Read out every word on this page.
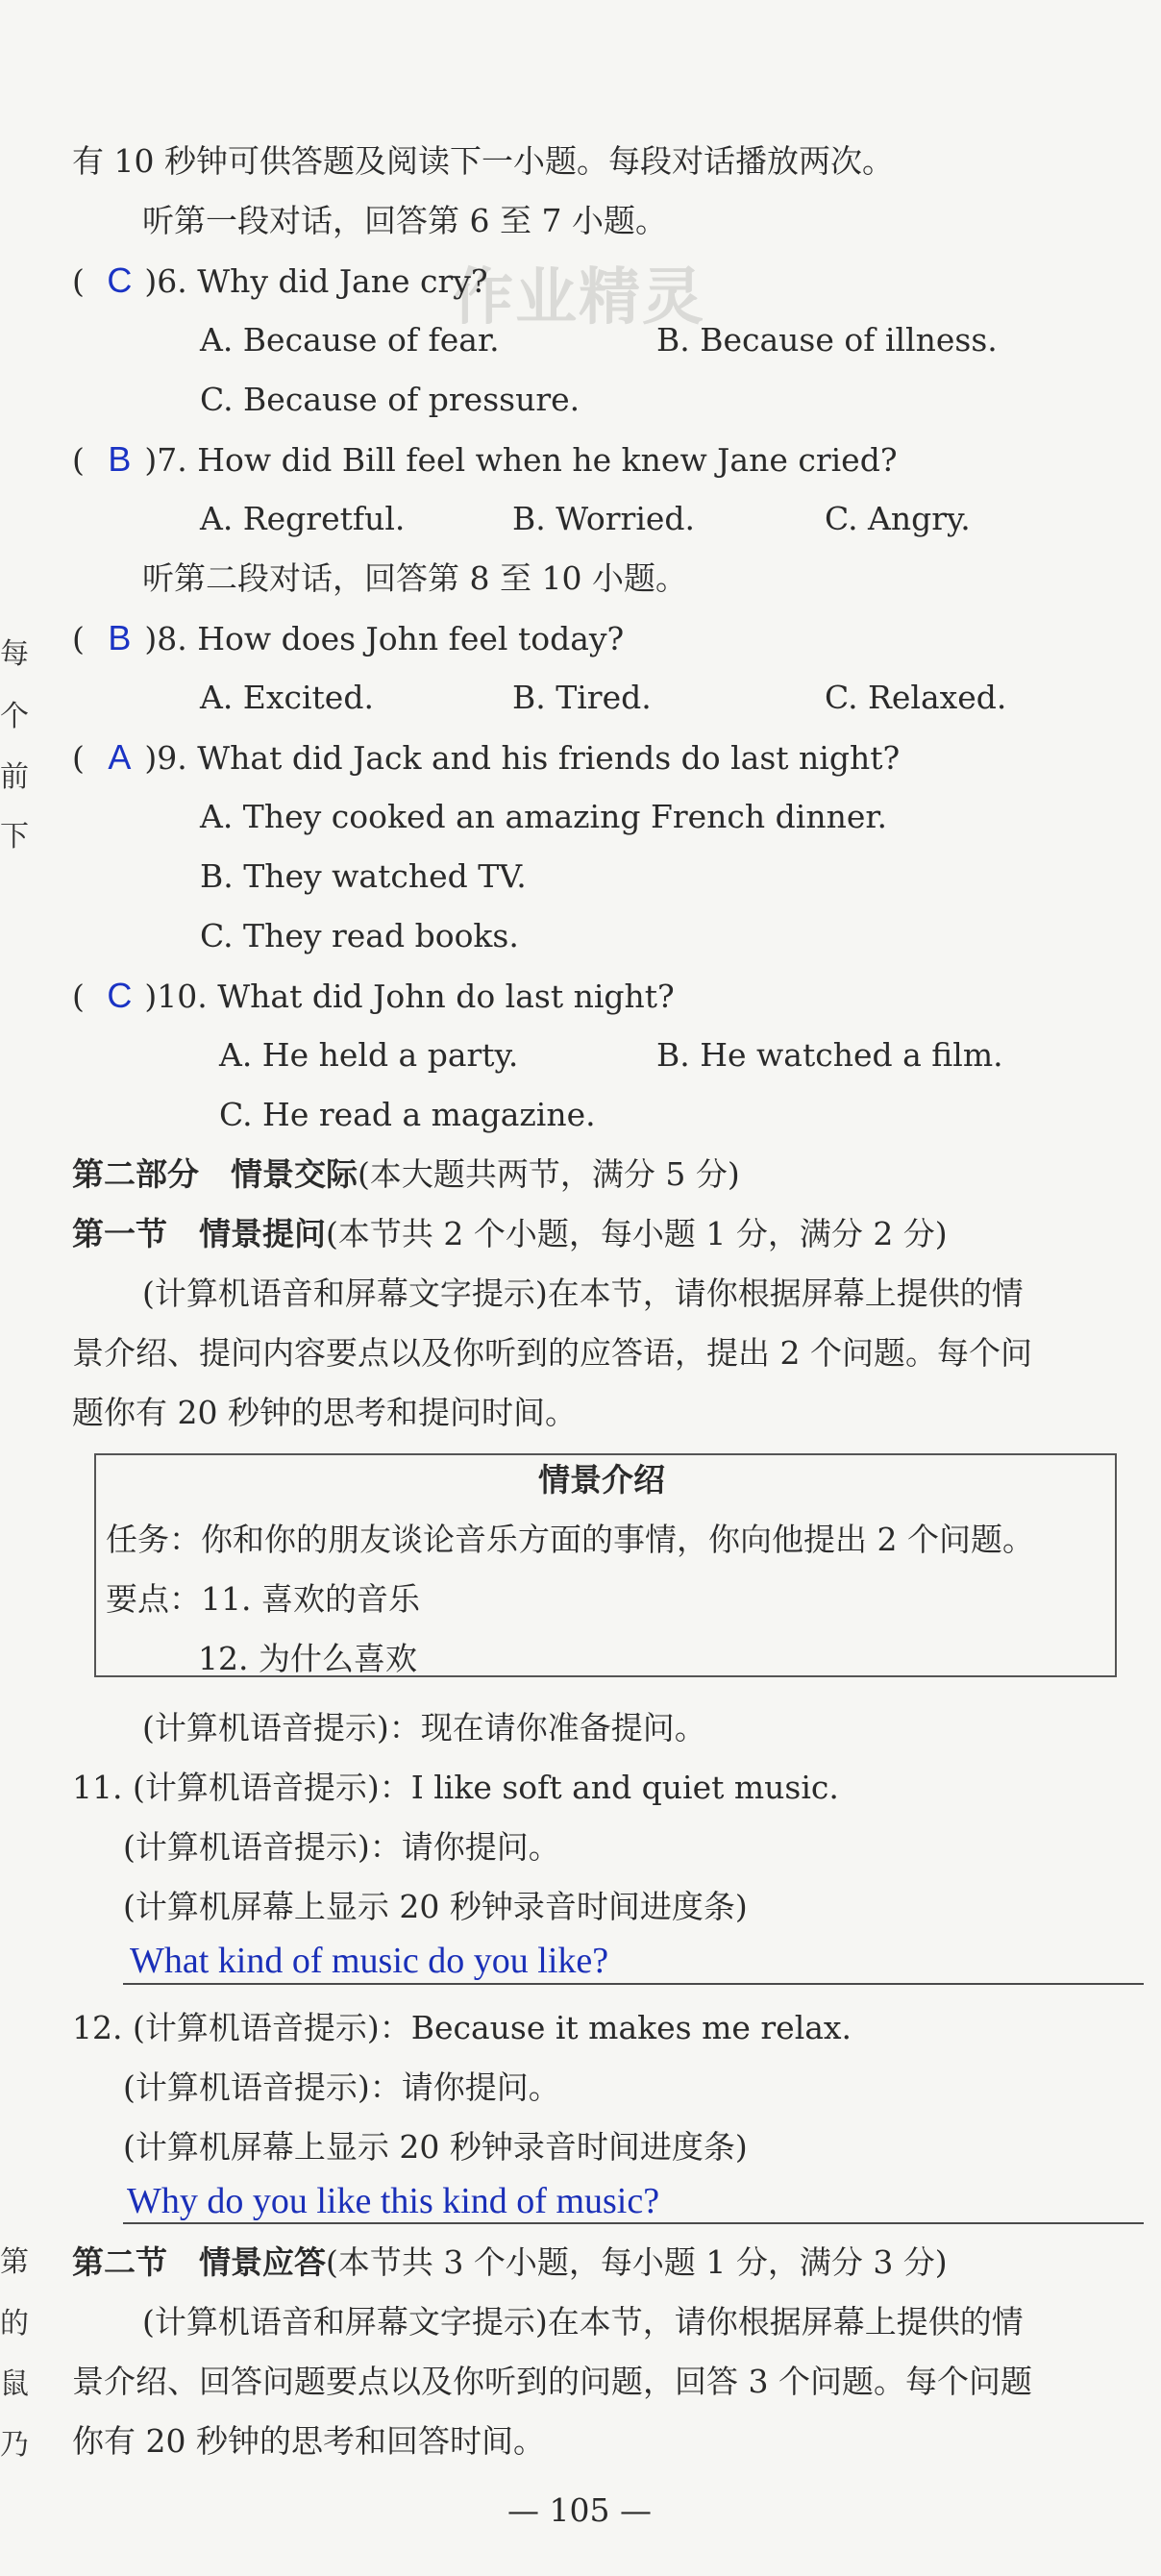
作业精灵
每
个
前
下
第
的
鼠
乃
有 10 秒钟可供答题及阅读下一小题。每段对话播放两次。
听第一段对话，回答第 6 至 7 小题。
( C )6. Why did Jane cry?
A. Because of fear.	B. Because of illness.
C. Because of pressure.
( B )7. How did Bill feel when he knew Jane cried?
A. Regretful.	B. Worried.	C. Angry.
听第二段对话，回答第 8 至 10 小题。
( B )8. How does John feel today?
A. Excited.	B. Tired.	C. Relaxed.
( A )9. What did Jack and his friends do last night?
A. They cooked an amazing French dinner.
B. They watched TV.
C. They read books.
( C )10. What did John do last night?
A. He held a party.	B. He watched a film.
C. He read a magazine.
第二部分　情景交际(本大题共两节，满分 5 分)
第一节　情景提问(本节共 2 个小题，每小题 1 分，满分 2 分)
(计算机语音和屏幕文字提示)在本节，请你根据屏幕上提供的情
景介绍、提问内容要点以及你听到的应答语，提出 2 个问题。每个问
题你有 20 秒钟的思考和提问时间。
情景介绍
任务：你和你的朋友谈论音乐方面的事情，你向他提出 2 个问题。
要点：11. 喜欢的音乐
12. 为什么喜欢
(计算机语音提示)：现在请你准备提问。
11. (计算机语音提示)：I like soft and quiet music.
(计算机语音提示)：请你提问。
(计算机屏幕上显示 20 秒钟录音时间进度条)
What kind of music do you like?
12. (计算机语音提示)：Because it makes me relax.
(计算机语音提示)：请你提问。
(计算机屏幕上显示 20 秒钟录音时间进度条)
Why do you like this kind of music?
第二节　情景应答(本节共 3 个小题，每小题 1 分，满分 3 分)
(计算机语音和屏幕文字提示)在本节，请你根据屏幕上提供的情
景介绍、回答问题要点以及你听到的问题，回答 3 个问题。每个问题
你有 20 秒钟的思考和回答时间。
— 105 —
